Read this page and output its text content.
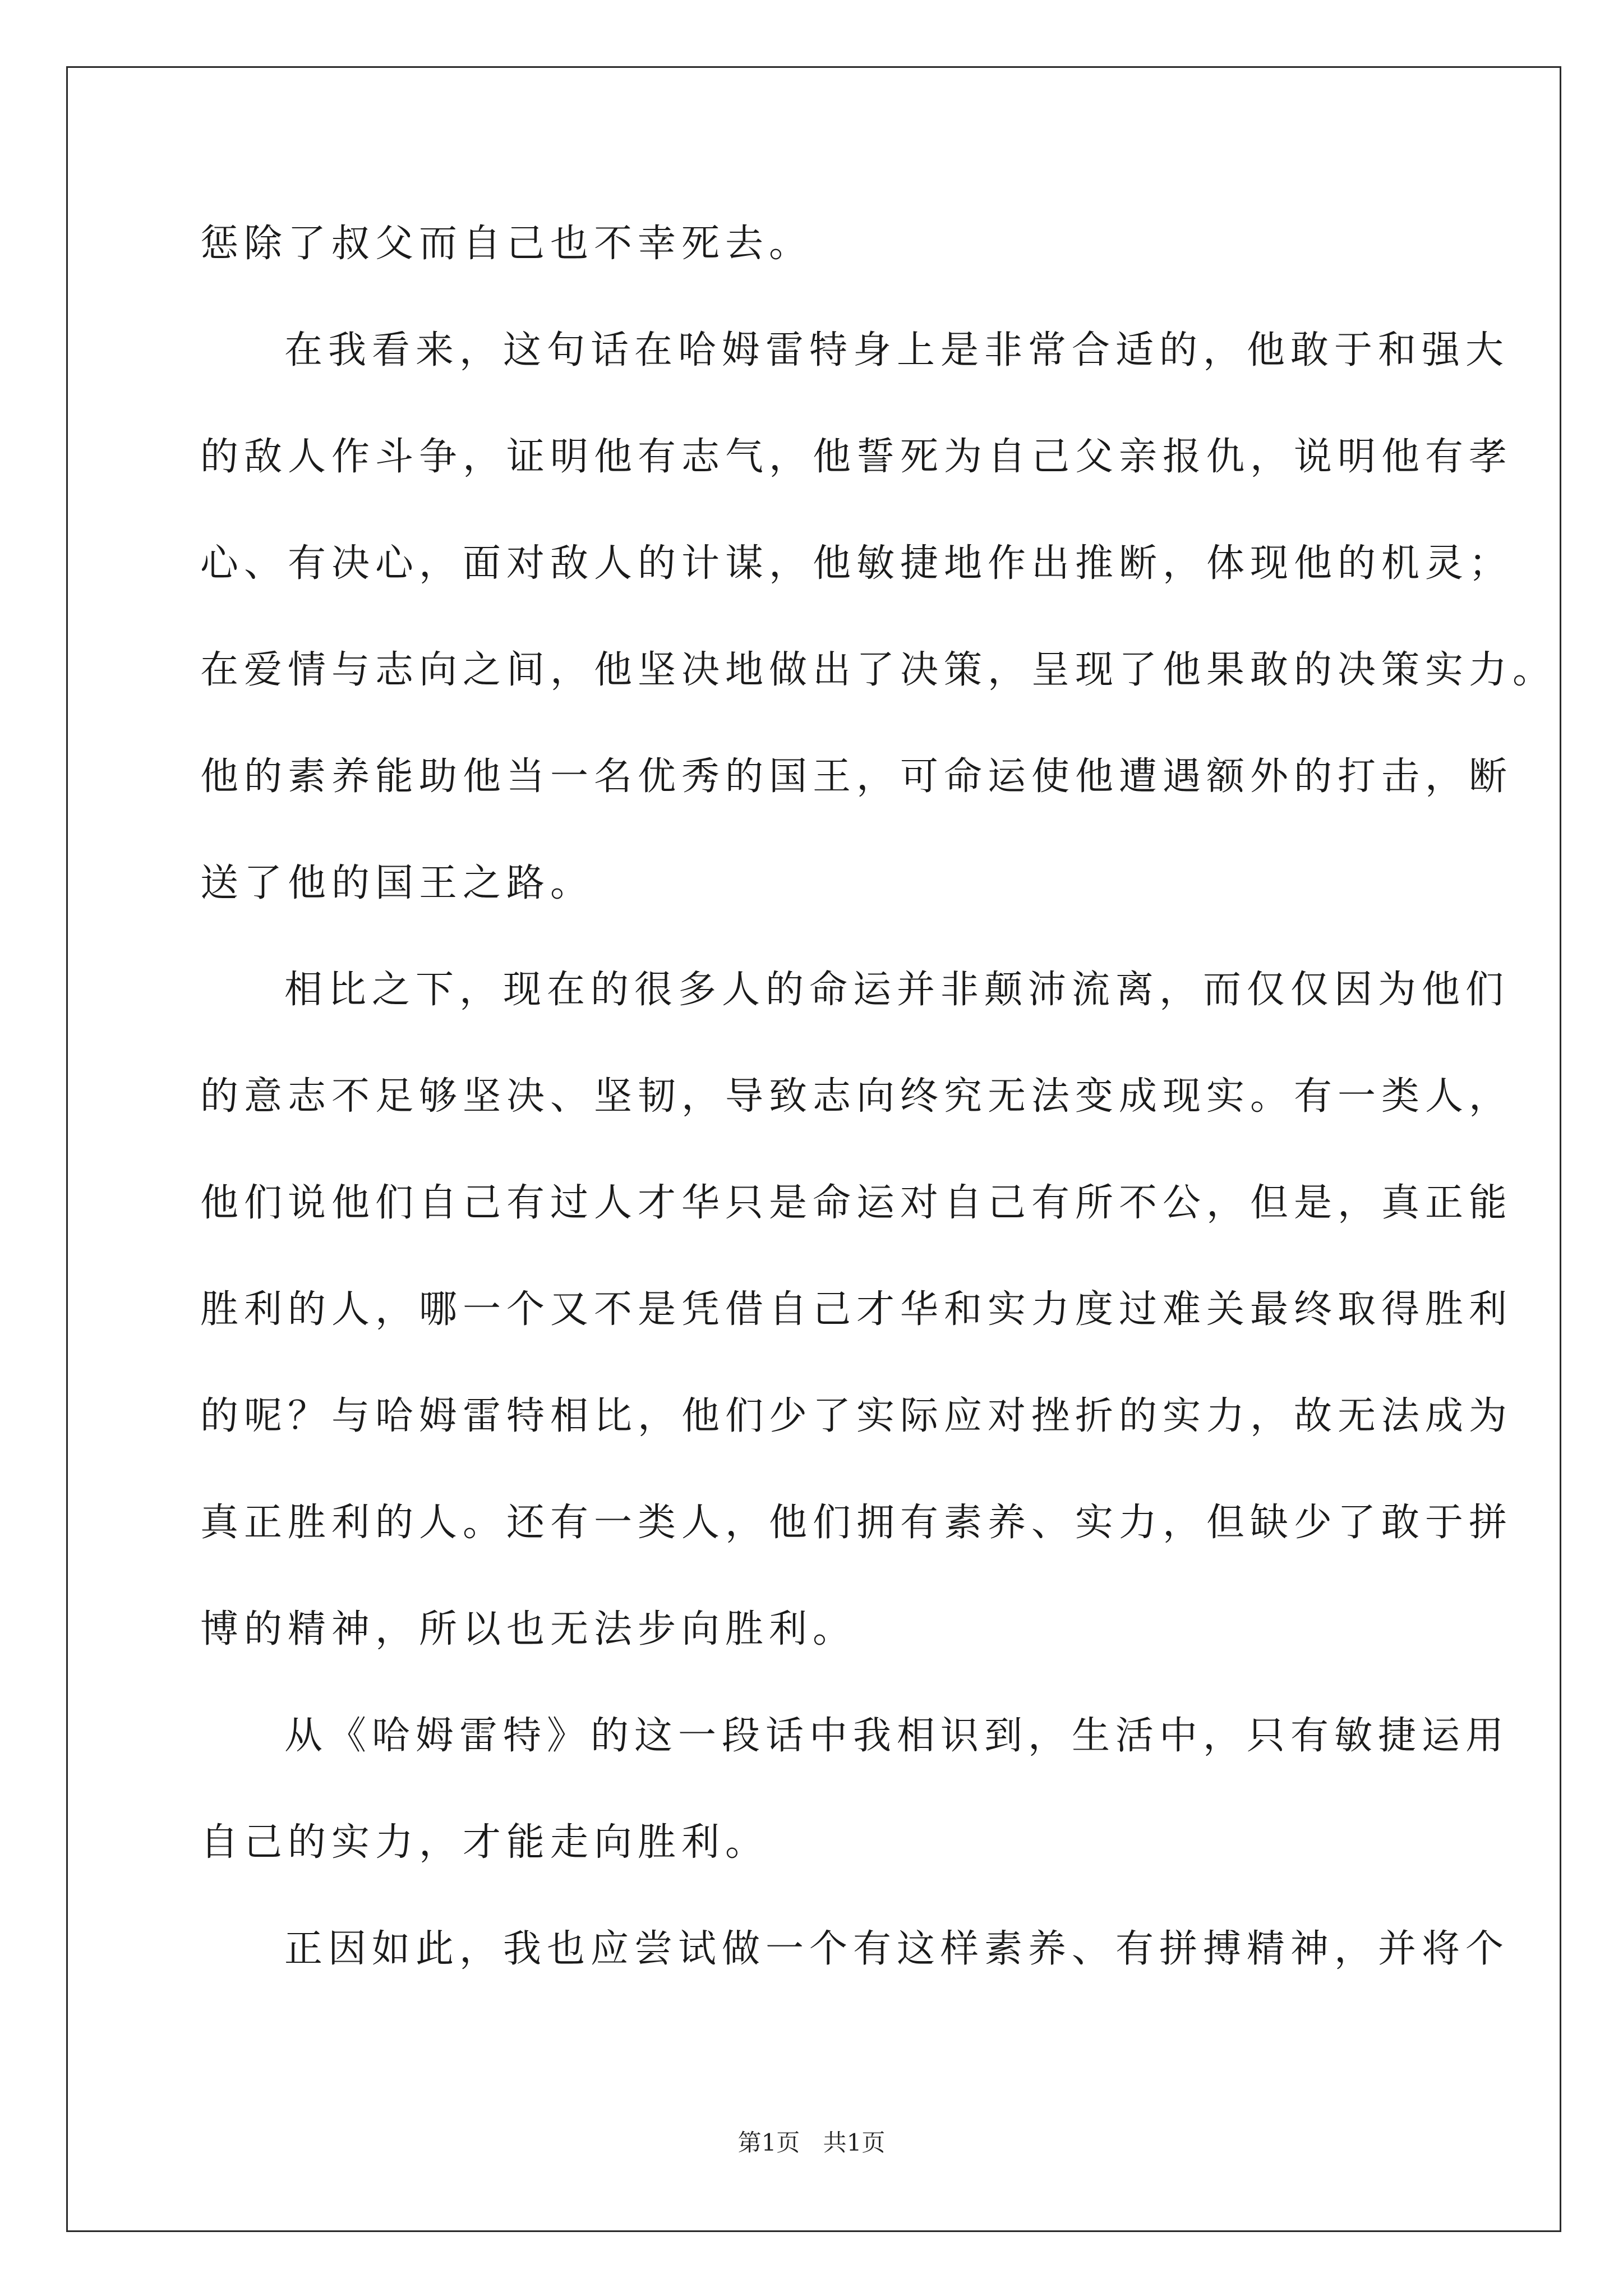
惩除了叔父而自己也不幸死去。
在我看来，这句话在哈姆雷特身上是非常合适的，他敢于和强大
的敌人作斗争，证明他有志气，他誓死为自己父亲报仇，说明他有孝
心、有决心，面对敌人的计谋，他敏捷地作出推断，体现他的机灵；
在爱情与志向之间，他坚决地做出了决策，呈现了他果敢的决策实力。
他的素养能助他当一名优秀的国王，可命运使他遭遇额外的打击，断
送了他的国王之路。
相比之下，现在的很多人的命运并非颠沛流离，而仅仅因为他们
的意志不足够坚决、坚韧，导致志向终究无法变成现实。有一类人，
他们说他们自己有过人才华只是命运对自己有所不公，但是，真正能
胜利的人，哪一个又不是凭借自己才华和实力度过难关最终取得胜利
的呢？与哈姆雷特相比，他们少了实际应对挫折的实力，故无法成为
真正胜利的人。还有一类人，他们拥有素养、实力，但缺少了敢于拼
博的精神，所以也无法步向胜利。
从《哈姆雷特》的这一段话中我相识到，生活中，只有敏捷运用
自己的实力，才能走向胜利。
正因如此，我也应尝试做一个有这样素养、有拼搏精神，并将个
第1页 共1页
